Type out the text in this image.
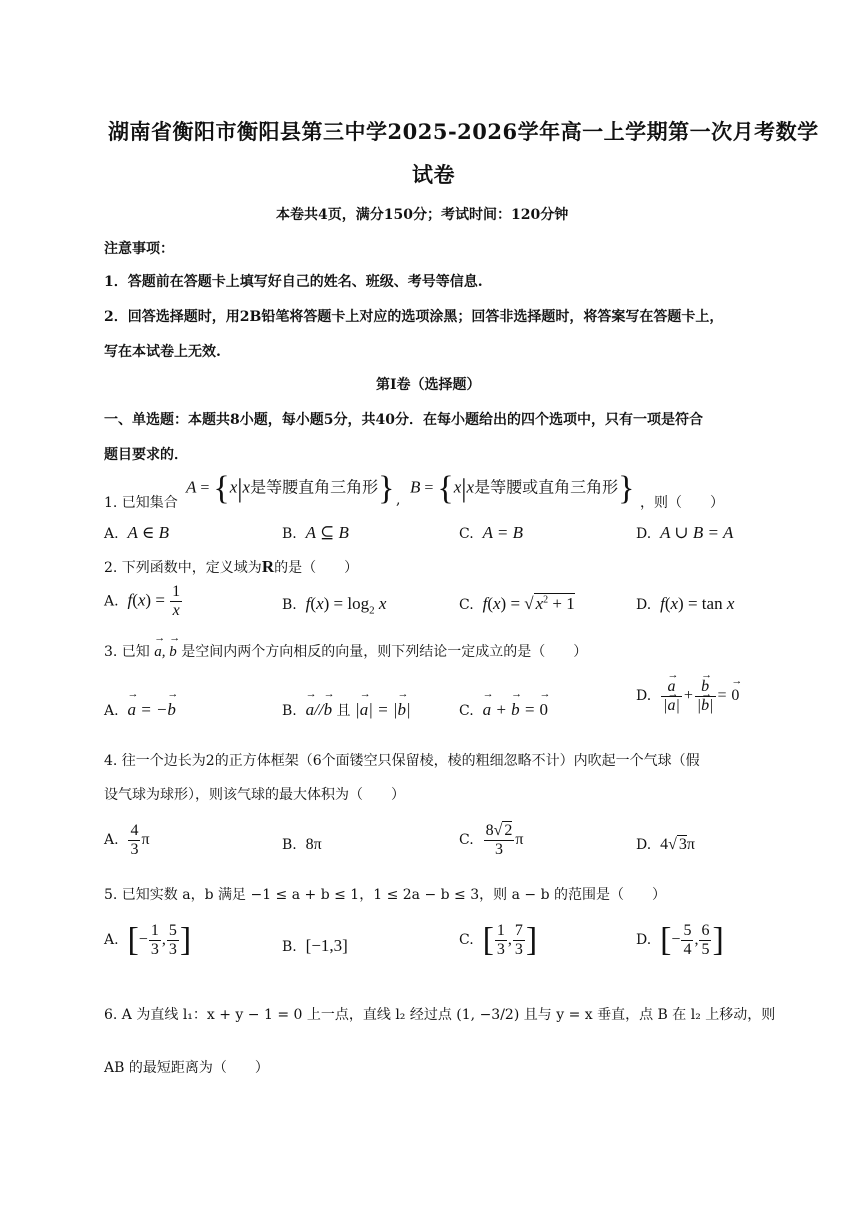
湖南省衡阳市衡阳县第三中学2025-2026学年高一上学期第一次月考数学
试卷
本卷共4页，满分150分；考试时间：120分钟
注意事项：
1．答题前在答题卡上填写好自己的姓名、班级、考号等信息.
2．回答选择题时，用2B铅笔将答题卡上对应的选项涂黑；回答非选择题时，将答案写在答题卡上，
写在本试卷上无效.
第I卷（选择题）
一、单选题：本题共8小题，每小题5分，共40分．在每小题给出的四个选项中，只有一项是符合
题目要求的．
1. 已知集合
A = {x|x是等腰直角三角形} ,
B = {x|x是等腰或直角三角形} ，则（　　）
A. A ∈ B	B. A ⊆ B	C. A = B	D. A ∪ B = A
2. 下列函数中，定义域为R的是（　　）
A. $f(x) = \frac{1}{x}$	B. $f(x) = \log_2 x$	C. f(x) = √ $x^2 + 1$	D. f(x) = tan x
3. 已知 → a, → b 是空间内两个方向相反的向量，则下列结论一定成立的是（　　）
A. → a = −→ b	B. → a//→ b 且 |→ a| = |→ b|	C. → a + → b = → 0
D. → $\frac{a}{|\to a|}$ + → $\frac{b}{|\to b|}$ = → 0
4. 往一个边长为2的正方体框架（6个面镂空只保留棱，棱的粗细忽略不计）内吹起一个气球（假
设气球为球形），则该气球的最大体积为（　　）
A. $\frac{4}{3}$ π	B. 8π	C. $\frac{8√ 2}{3}$ π	D. 4√ 3π
5. 已知实数 a，b 满足 −1 ≤ a + b ≤ 1，1 ≤ 2a − b ≤ 3，则 a − b 的范围是（　　）
A. [− $\frac{1}{3}$ , $\frac{5}{3}$ ]	B. [−1,3]	C. [ $\frac{1}{3}$ , $\frac{7}{3}$ ]	D. [− $\frac{5}{4}$ , $\frac{6}{5}$ ]
6. A 为直线 l₁：x + y − 1 = 0 上一点，直线 l₂ 经过点 (1, −3/2) 且与 y = x 垂直，点 B 在 l₂ 上移动，则
AB 的最短距离为（　　）
